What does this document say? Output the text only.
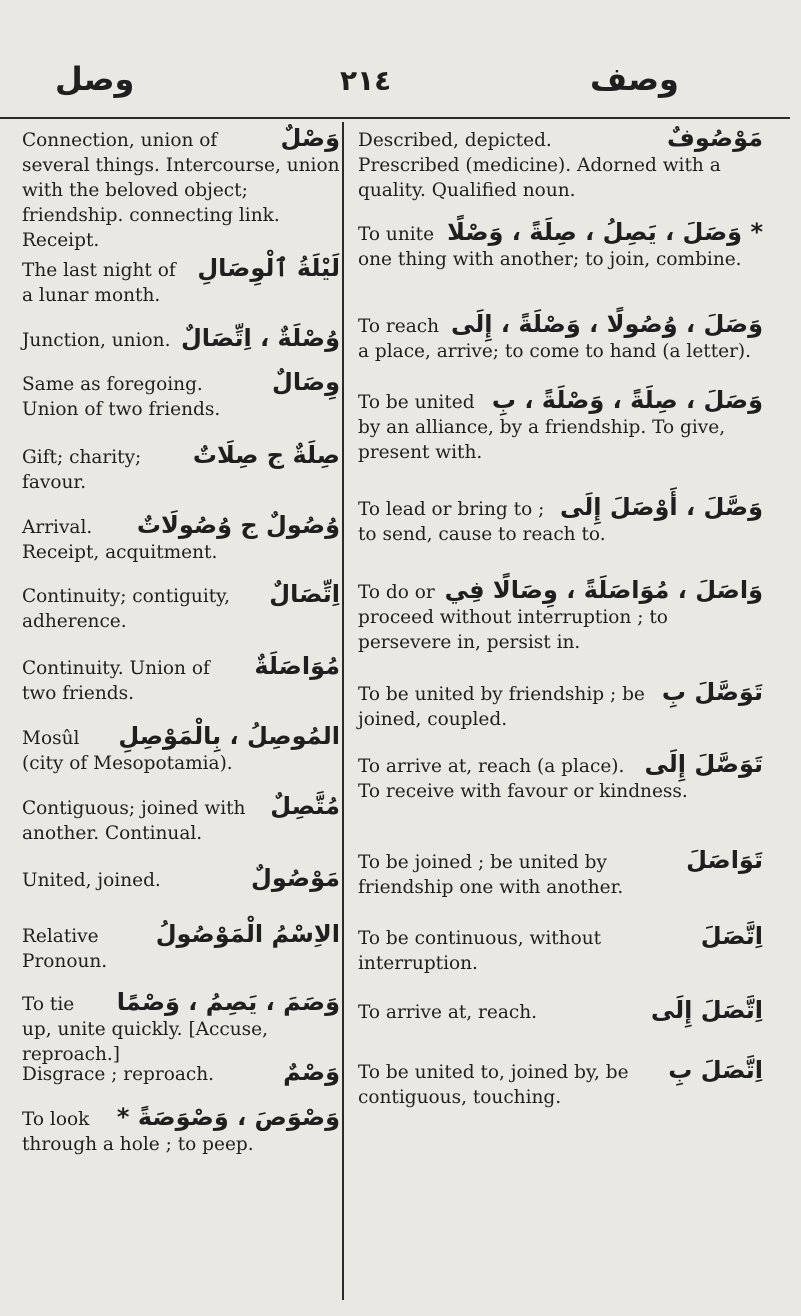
وصل	٢١٤	وصف
وَصْلٌ
Connection, union of several things. Intercourse, union with the beloved object; friendship. connecting link. Receipt.
لَيْلَةُ ٱلْوِصَالِ
The last night of a lunar month.
وُصْلَةٌ ، اِتِّصَالٌ
Junction, union.
وِصَالٌ
Same as foregoing. Union of two friends.
صِلَةٌ ج صِلَاتٌ
Gift; charity; favour.
وُصُولٌ ج وُصُولَاتٌ
Arrival. Receipt, acquitment.
اِتِّصَالٌ
Continuity; contiguity, adherence.
مُوَاصَلَةٌ
Continuity. Union of two friends.
المُوصِلُ ، بِالْمَوْصِلِ
Mosûl (city of Mesopotamia).
مُتَّصِلٌ
Contiguous; joined with another. Continual.
مَوْصُولٌ
United, joined.
الاِسْمُ الْمَوْصُولُ
Relative Pronoun.
وَصَمَ ، يَصِمُ ، وَصْمًا
To tie up, unite quickly. [Accuse, reproach.]
وَصْمٌ
Disgrace ; reproach.
وَصْوَصَ ، وَصْوَصَةً *
To look through a hole ; to peep.
مَوْصُوفٌ
Described, depicted. Prescribed (medicine). Adorned with a quality. Qualified noun.
* وَصَلَ ، يَصِلُ ، صِلَةً ، وَصْلًا
To unite one thing with another; to join, combine.
وَصَلَ ، وُصُولًا ، وَصْلَةً ، إِلَى
To reach a place, arrive; to come to hand (a letter).
وَصَلَ ، صِلَةً ، وَصْلَةً ، بِ
To be united by an alliance, by a friendship. To give, present with.
وَصَّلَ ، أَوْصَلَ إِلَى
To lead or bring to ; to send, cause to reach to.
وَاصَلَ ، مُوَاصَلَةً ، وِصَالًا فِي
To do or proceed without interruption ; to persevere in, persist in.
تَوَصَّلَ بِ
To be united by friendship ; be joined, coupled.
تَوَصَّلَ إِلَى
To arrive at, reach (a place). To receive with favour or kindness.
تَوَاصَلَ
To be joined ; be united by friendship one with another.
اِتَّصَلَ
To be continuous, without interruption.
اِتَّصَلَ إِلَى
To arrive at, reach.
اِتَّصَلَ بِ
To be united to, joined by, be contiguous, touching.
